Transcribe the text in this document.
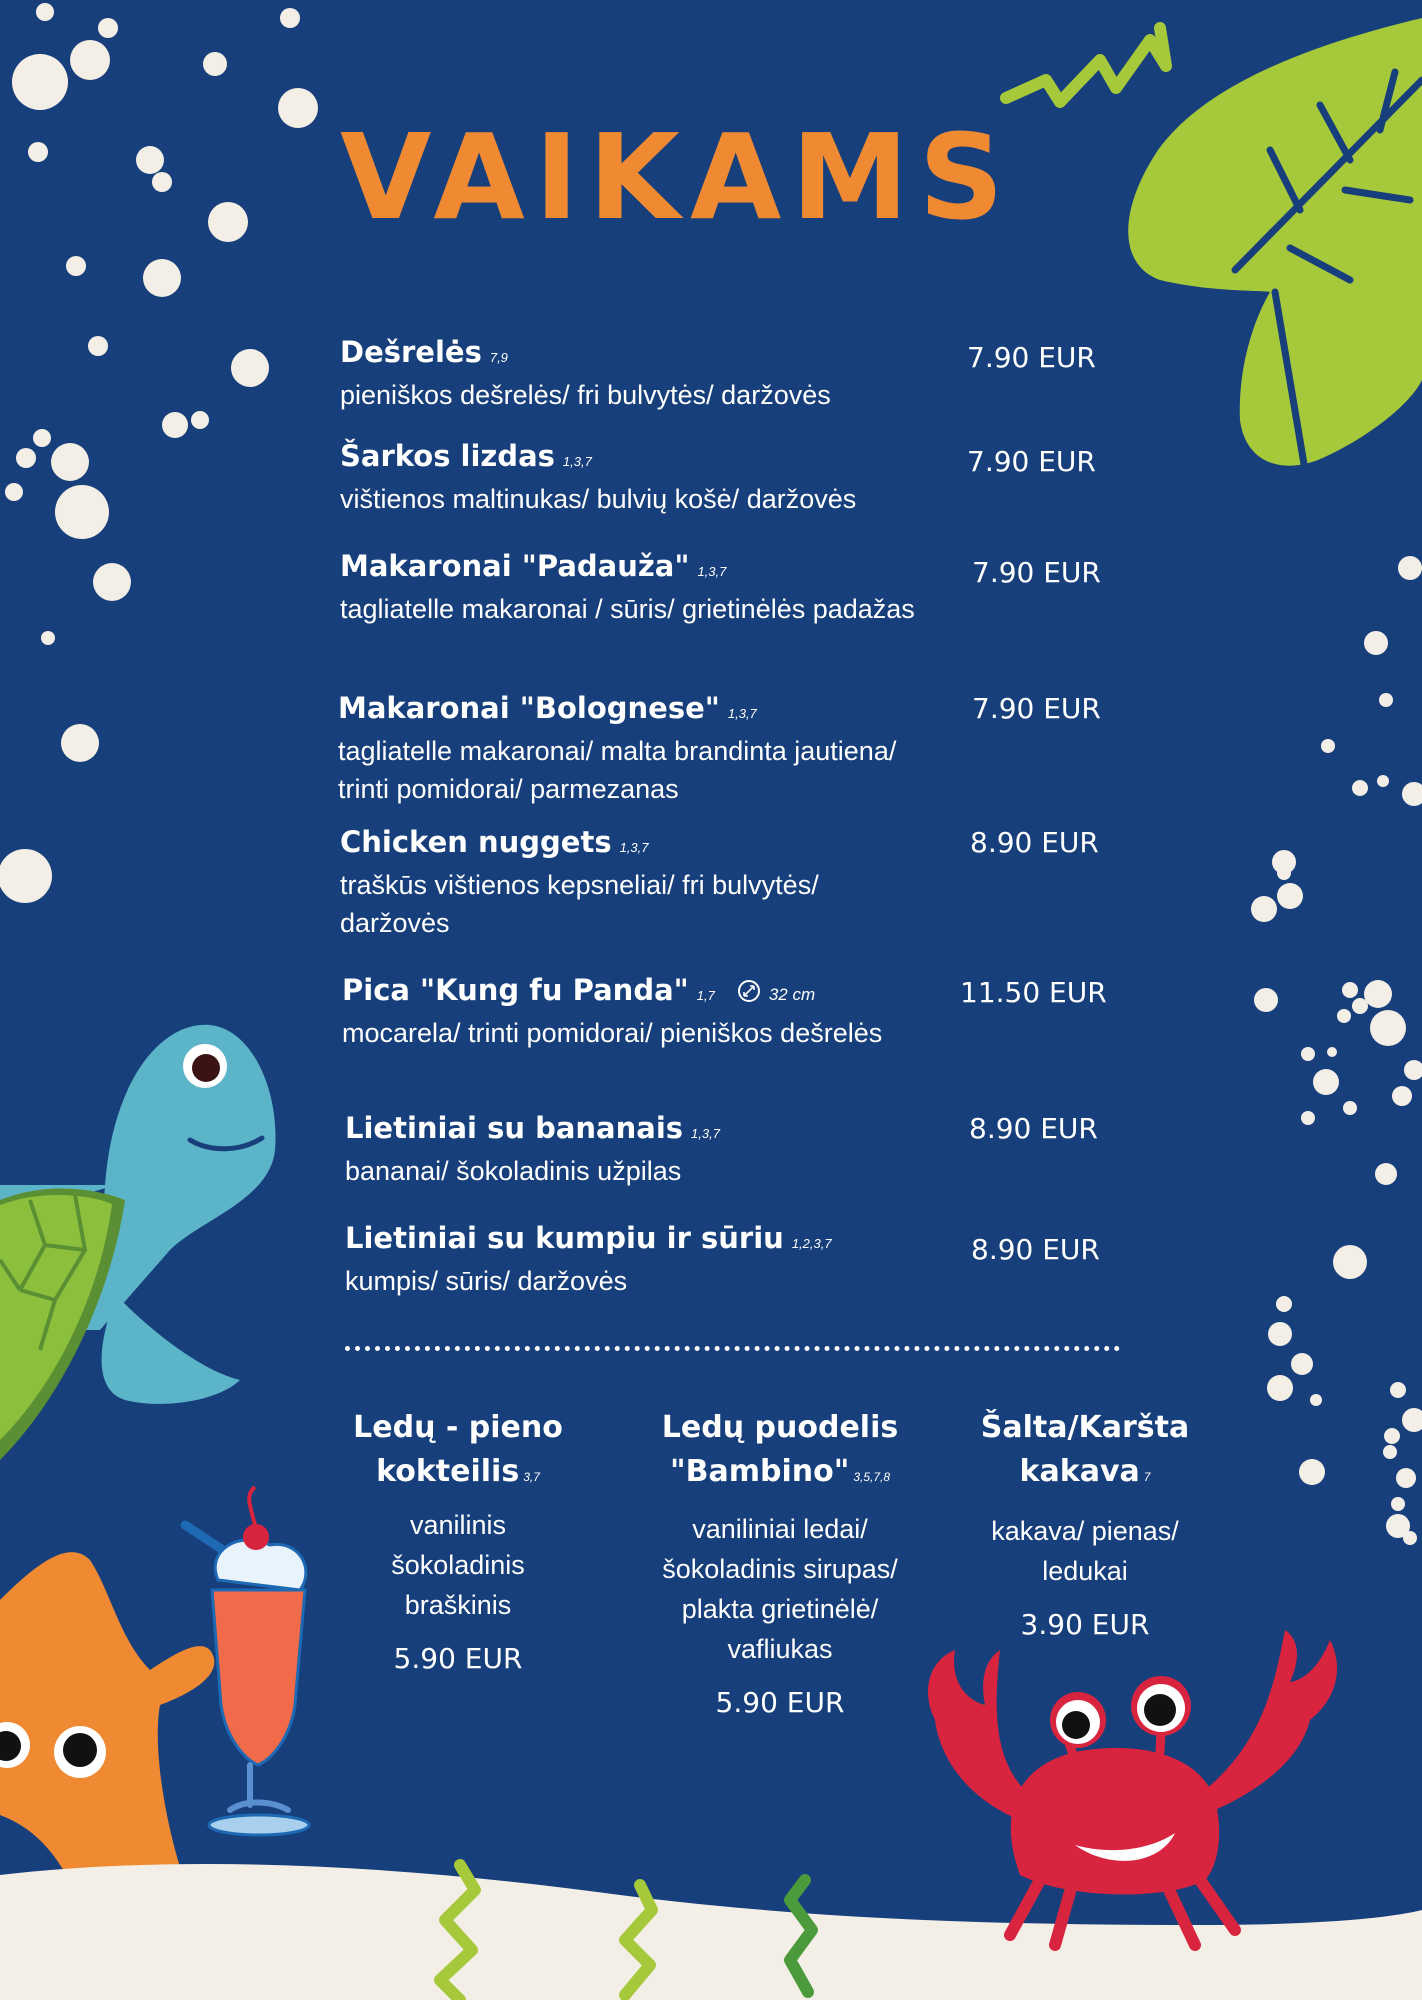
VAIKAMS
Dešrelės 7,9
pieniškos dešrelės/ fri bulvytės/ daržovės
7.90 EUR
Šarkos lizdas 1,3,7
vištienos maltinukas/ bulvių košė/ daržovės
7.90 EUR
Makaronai "Padauža" 1,3,7
tagliatelle makaronai / sūris/ grietinėlės padažas
7.90 EUR
Makaronai "Bolognese" 1,3,7
tagliatelle makaronai/ malta brandinta jautiena/ trinti pomidorai/ parmezanas
7.90 EUR
Chicken nuggets 1,3,7
traškūs vištienos kepsneliai/ fri bulvytės/ daržovės
8.90 EUR
Pica "Kung fu Panda" 1,7	32 cm
mocarela/ trinti pomidorai/ pieniškos dešrelės
11.50 EUR
Lietiniai su bananais 1,3,7
bananai/ šokoladinis užpilas
8.90 EUR
Lietiniai su kumpiu ir sūriu 1,2,3,7
kumpis/ sūris/ daržovės
8.90 EUR
Ledų - pieno
kokteilis 3,7
vanilinis
šokoladinis
braškinis
5.90 EUR
Ledų puodelis
"Bambino" 3,5,7,8
vaniliniai ledai/
šokoladinis sirupas/
plakta grietinėlė/
vafliukas
5.90 EUR
Šalta/Karšta
kakava 7
kakava/ pienas/
ledukai
3.90 EUR
